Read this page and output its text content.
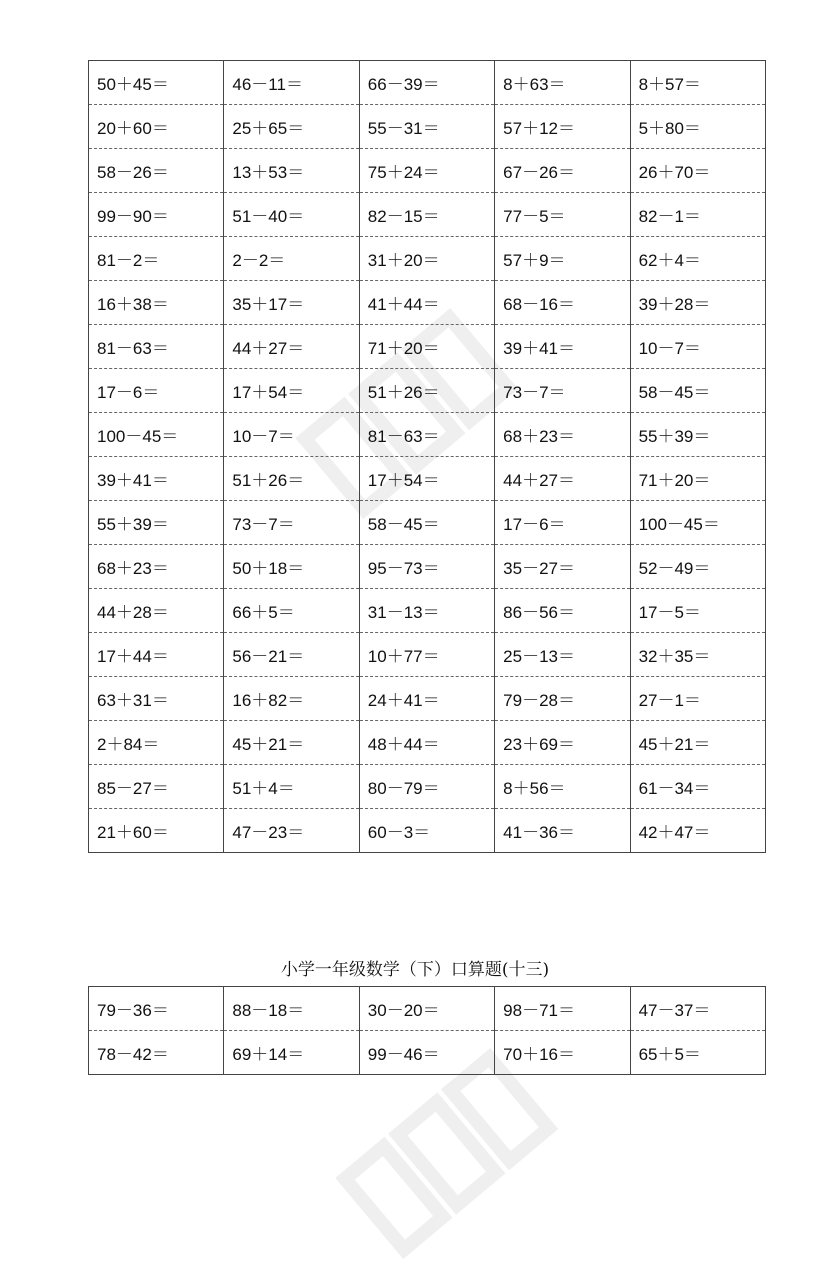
50＋45＝	46－11＝	66－39＝	8＋63＝	8＋57＝
20＋60＝	25＋65＝	55－31＝	57＋12＝	5＋80＝
58－26＝	13＋53＝	75＋24＝	67－26＝	26＋70＝
99－90＝	51－40＝	82－15＝	77－5＝	82－1＝
81－2＝	2－2＝	31＋20＝	57＋9＝	62＋4＝
16＋38＝	35＋17＝	41＋44＝	68－16＝	39＋28＝
81－63＝	44＋27＝	71＋20＝	39＋41＝	10－7＝
17－6＝	17＋54＝	51＋26＝	73－7＝	58－45＝
100－45＝	10－7＝	81－63＝	68＋23＝	55＋39＝
39＋41＝	51＋26＝	17＋54＝	44＋27＝	71＋20＝
55＋39＝	73－7＝	58－45＝	17－6＝	100－45＝
68＋23＝	50＋18＝	95－73＝	35－27＝	52－49＝
44＋28＝	66＋5＝	31－13＝	86－56＝	17－5＝
17＋44＝	56－21＝	10＋77＝	25－13＝	32＋35＝
63＋31＝	16＋82＝	24＋41＝	79－28＝	27－1＝
2＋84＝	45＋21＝	48＋44＝	23＋69＝	45＋21＝
85－27＝	51＋4＝	80－79＝	8＋56＝	61－34＝
21＋60＝	47－23＝	60－3＝	41－36＝	42＋47＝
小学一年级数学（下）口算题(十三)
79－36＝	88－18＝	30－20＝	98－71＝	47－37＝
78－42＝	69＋14＝	99－46＝	70＋16＝	65＋5＝
